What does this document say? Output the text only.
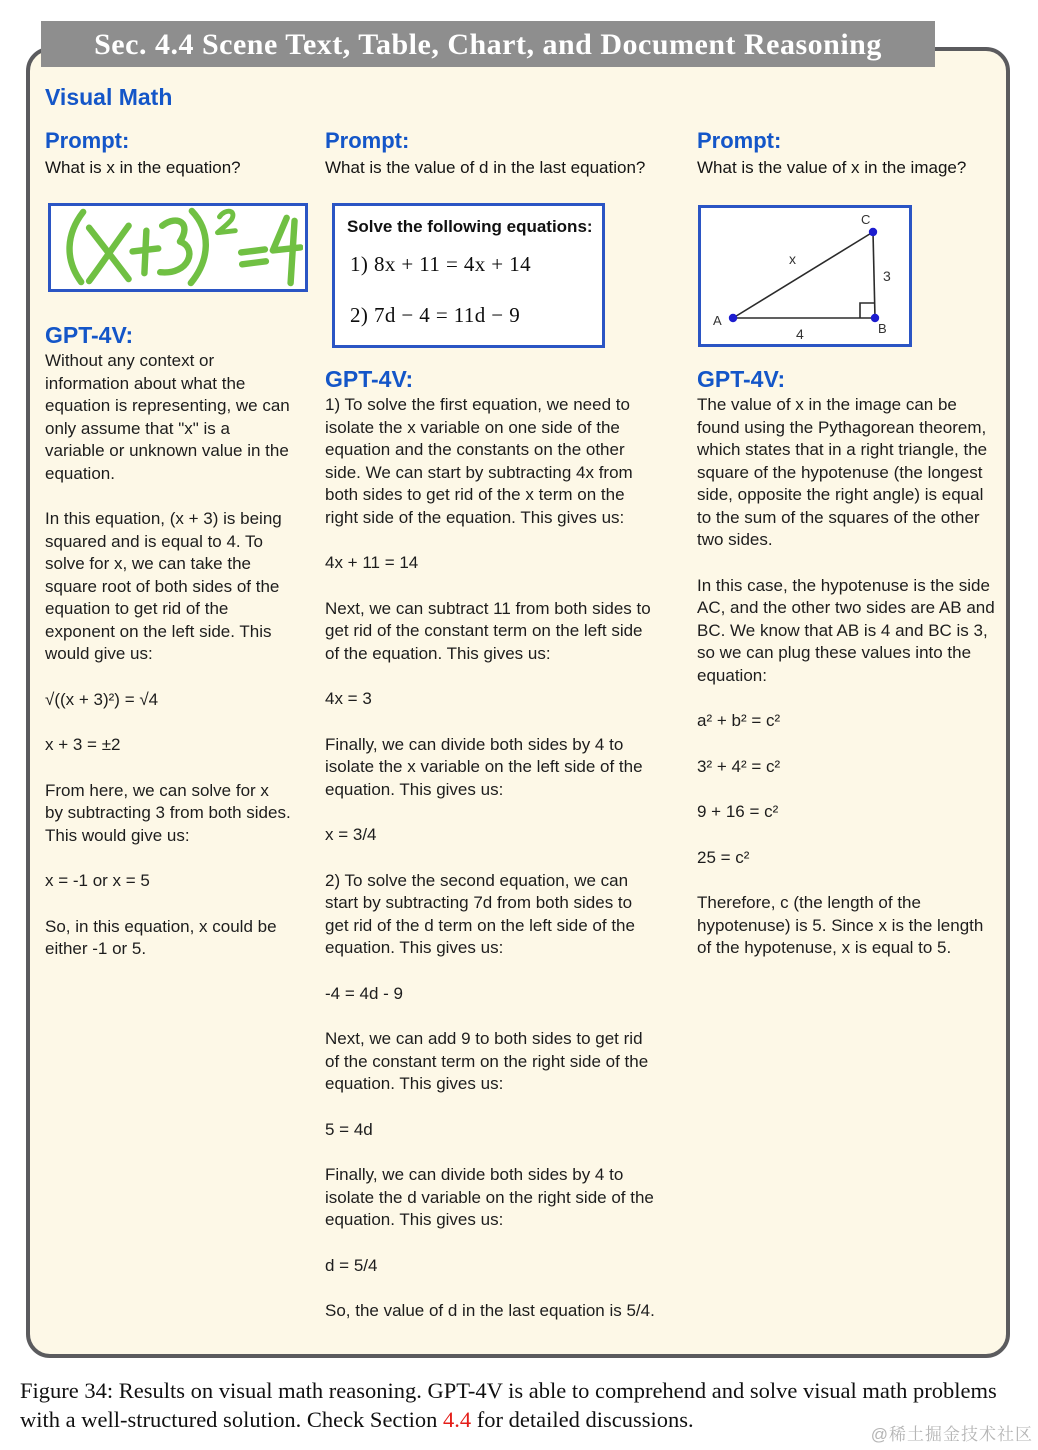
Sec. 4.4 Scene Text, Table, Chart, and Document Reasoning
Visual Math
Prompt:
What is x in the equation?
GPT-4V:

Without any context or information about what the equation is representing, we can only assume that "x" is a variable or unknown value in the equation.

In this equation, (x + 3) is being squared and is equal to 4. To solve for x, we can take the square root of both sides of the equation to get rid of the exponent on the left side. This would give us:

√((x + 3)²) = √4

x + 3 = ±2

From here, we can solve for x by subtracting 3 from both sides. This would give us:

x = -1 or x = 5

So, in this equation, x could be either -1 or 5.

Prompt:
What is the value of d in the last equation?
Solve the following equations:
1) 8x + 11 = 4x + 14
2) 7d − 4 = 11d − 9
GPT-4V:

1) To solve the first equation, we need to isolate the x variable on one side of the equation and the constants on the other side. We can start by subtracting 4x from both sides to get rid of the x term on the right side of the equation. This gives us:

4x + 11 = 14

Next, we can subtract 11 from both sides to get rid of the constant term on the left side of the equation. This gives us:

4x = 3

Finally, we can divide both sides by 4 to isolate the x variable on the left side of the equation. This gives us:

x = 3/4

2) To solve the second equation, we can start by subtracting 7d from both sides to get rid of the d term on the left side of the equation. This gives us:

-4 = 4d - 9

Next, we can add 9 to both sides to get rid of the constant term on the right side of the equation. This gives us:

5 = 4d

Finally, we can divide both sides by 4 to isolate the d variable on the right side of the equation. This gives us:

d = 5/4

So, the value of d in the last equation is 5/4.

Prompt:
What is the value of x in the image?
A
B
C
x
3
4
GPT-4V:

The value of x in the image can be found using the Pythagorean theorem, which states that in a right triangle, the square of the hypotenuse (the longest side, opposite the right angle) is equal to the sum of the squares of the other two sides.

In this case, the hypotenuse is the side AC, and the other two sides are AB and BC. We know that AB is 4 and BC is 3, so we can plug these values into the equation:

a² + b² = c²

3² + 4² = c²

9 + 16 = c²

25 = c²

Therefore, c (the length of the hypotenuse) is 5. Since x is the length of the hypotenuse, x is equal to 5.

Figure 34: Results on visual math reasoning. GPT-4V is able to comprehend and solve visual math problems with a well-structured solution. Check Section 4.4 for detailed discussions.
@稀土掘金技术社区
